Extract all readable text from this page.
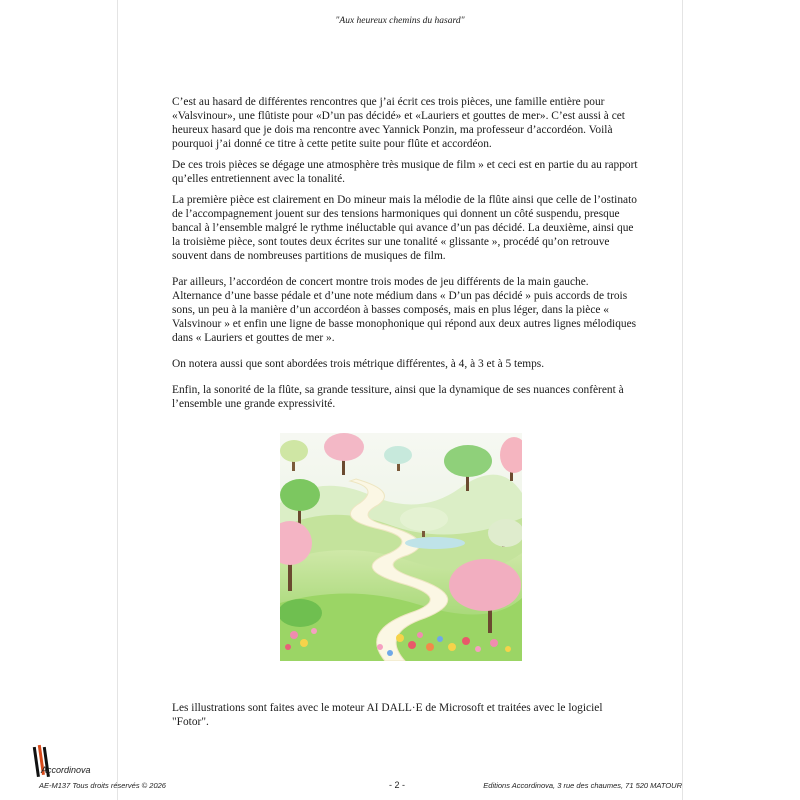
"Aux heureux chemins du hasard"

C’est au hasard de différentes rencontres que j’ai écrit ces trois pièces, une famille entière pour «Valsvinour», une flûtiste pour «D’un pas décidé» et «Lauriers et gouttes de mer». C’est aussi à cet heureux hasard que je dois ma rencontre avec Yannick Ponzin, ma professeur d’accordéon. Voilà pourquoi j’ai donné ce titre à cette petite suite pour flûte et accordéon.

De ces trois pièces se dégage une atmosphère très musique de film » et ceci est en partie du au rapport qu’elles entretiennent avec la tonalité.

La première pièce est clairement en Do mineur mais la mélodie de la flûte ainsi que celle de l’ostinato de l’accompagnement jouent sur des tensions harmoniques qui donnent un côté suspendu, presque bancal à l’ensemble malgré le rythme inéluctable qui avance d’un pas décidé. La deuxième, ainsi que la troisième pièce, sont toutes deux écrites sur une tonalité « glissante », procédé qu’on retrouve souvent dans de nombreuses partitions de musiques de film.

Par ailleurs, l’accordéon de concert montre trois modes de jeu différents de la main gauche. Alternance d’une basse pédale et d’une note médium dans « D’un pas décidé » puis accords de trois sons, un peu à la manière d’un accordéon à basses composés, mais en plus léger, dans la pièce « Valsvinour » et enfin une ligne de basse monophonique qui répond aux deux autres lignes mélodiques dans « Lauriers et gouttes de mer ».

On notera aussi que sont abordées trois métrique différentes, à 4, à 3 et à 5 temps.

Enfin, la sonorité de la flûte, sa grande tessiture, ainsi que la dynamique de ses nuances confèrent à l’ensemble une grande expressivité.

Les illustrations sont faites avec le moteur AI DALL·E de Microsoft et traitées avec le logiciel "Fotor".
Accordinova
AE-M137 Tous droits réservés © 2026	- 2 -	Editions Accordinova, 3 rue des chaumes, 71 520 MATOUR
